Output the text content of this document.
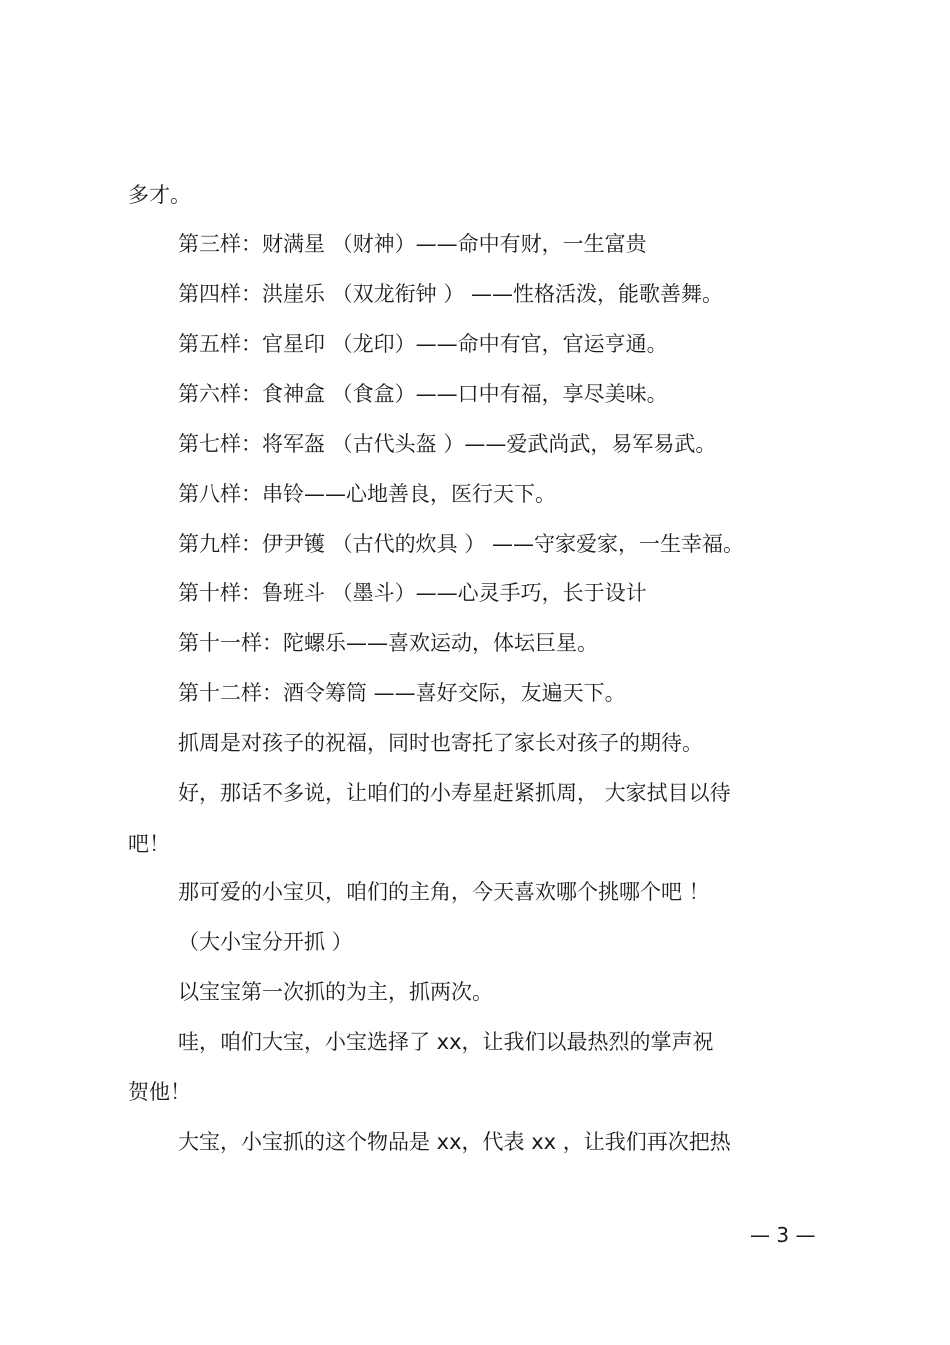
多才。
第三样：财满星 （财神）——命中有财，一生富贵
第四样：洪崖乐 （双龙衔钟 ） ——性格活泼，能歌善舞。
第五样：官星印 （龙印）——命中有官，官运亨通。
第六样：食神盒 （食盒）——口中有福，享尽美味。
第七样：将军盔 （古代头盔 ）——爱武尚武，易军易武。
第八样：串铃——心地善良，医行天下。
第九样：伊尹镬 （古代的炊具 ） ——守家爱家，一生幸福。
第十样：鲁班斗 （墨斗）——心灵手巧，长于设计
第十一样：陀螺乐——喜欢运动，体坛巨星。
第十二样：酒令筹筒 ——喜好交际，友遍天下。
抓周是对孩子的祝福，同时也寄托了家长对孩子的期待。
好，那话不多说，让咱们的小寿星赶紧抓周， 大家拭目以待
吧！
那可爱的小宝贝，咱们的主角，今天喜欢哪个挑哪个吧 ！
（大小宝分开抓 ）
以宝宝第一次抓的为主，抓两次。
哇，咱们大宝，小宝选择了 xx，让我们以最热烈的掌声祝
贺他！
大宝，小宝抓的这个物品是 xx，代表 xx ，让我们再次把热
— 3 —
